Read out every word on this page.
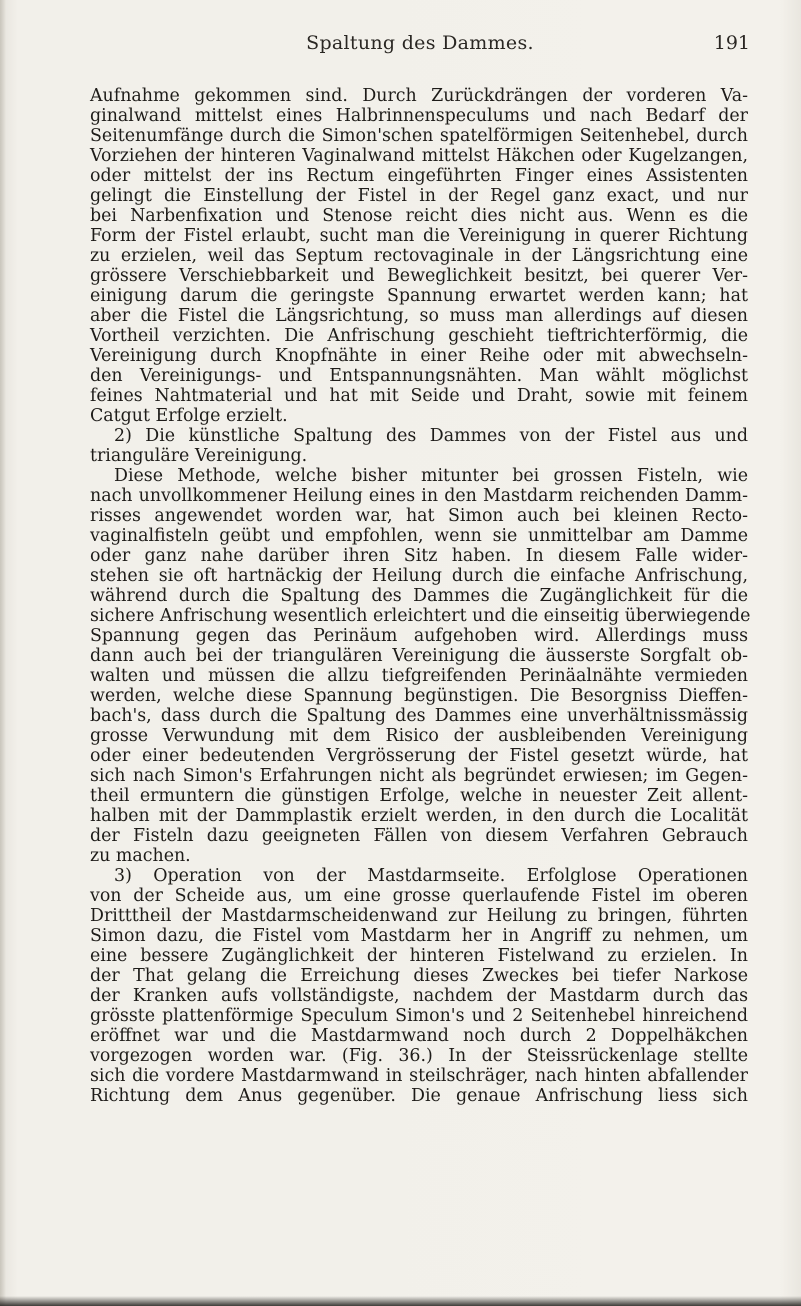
Spaltung des Dammes.	191
Aufnahme gekommen sind. Durch Zurückdrängen der vorderen Va-
ginalwand mittelst eines Halbrinnenspeculums und nach Bedarf der
Seitenumfänge durch die Simon'schen spatelförmigen Seitenhebel, durch
Vorziehen der hinteren Vaginalwand mittelst Häkchen oder Kugelzangen,
oder mittelst der ins Rectum eingeführten Finger eines Assistenten
gelingt die Einstellung der Fistel in der Regel ganz exact, und nur
bei Narbenfixation und Stenose reicht dies nicht aus. Wenn es die
Form der Fistel erlaubt, sucht man die Vereinigung in querer Richtung
zu erzielen, weil das Septum rectovaginale in der Längsrichtung eine
grössere Verschiebbarkeit und Beweglichkeit besitzt, bei querer Ver-
einigung darum die geringste Spannung erwartet werden kann; hat
aber die Fistel die Längsrichtung, so muss man allerdings auf diesen
Vortheil verzichten. Die Anfrischung geschieht tieftrichterförmig, die
Vereinigung durch Knopfnähte in einer Reihe oder mit abwechseln-
den Vereinigungs- und Entspannungsnähten. Man wählt möglichst
feines Nahtmaterial und hat mit Seide und Draht, sowie mit feinem
Catgut Erfolge erzielt.
2) Die künstliche Spaltung des Dammes von der Fistel aus und
trianguläre Vereinigung.
Diese Methode, welche bisher mitunter bei grossen Fisteln, wie
nach unvollkommener Heilung eines in den Mastdarm reichenden Damm-
risses angewendet worden war, hat Simon auch bei kleinen Recto-
vaginalfisteln geübt und empfohlen, wenn sie unmittelbar am Damme
oder ganz nahe darüber ihren Sitz haben. In diesem Falle wider-
stehen sie oft hartnäckig der Heilung durch die einfache Anfrischung,
während durch die Spaltung des Dammes die Zugänglichkeit für die
sichere Anfrischung wesentlich erleichtert und die einseitig überwiegende
Spannung gegen das Perinäum aufgehoben wird. Allerdings muss
dann auch bei der triangulären Vereinigung die äusserste Sorgfalt ob-
walten und müssen die allzu tiefgreifenden Perinäalnähte vermieden
werden, welche diese Spannung begünstigen. Die Besorgniss Dieffen-
bach's, dass durch die Spaltung des Dammes eine unverhältnissmässig
grosse Verwundung mit dem Risico der ausbleibenden Vereinigung
oder einer bedeutenden Vergrösserung der Fistel gesetzt würde, hat
sich nach Simon's Erfahrungen nicht als begründet erwiesen; im Gegen-
theil ermuntern die günstigen Erfolge, welche in neuester Zeit allent-
halben mit der Dammplastik erzielt werden, in den durch die Localität
der Fisteln dazu geeigneten Fällen von diesem Verfahren Gebrauch
zu machen.
3) Operation von der Mastdarmseite. Erfolglose Operationen
von der Scheide aus, um eine grosse querlaufende Fistel im oberen
Dritttheil der Mastdarmscheidenwand zur Heilung zu bringen, führten
Simon dazu, die Fistel vom Mastdarm her in Angriff zu nehmen, um
eine bessere Zugänglichkeit der hinteren Fistelwand zu erzielen. In
der That gelang die Erreichung dieses Zweckes bei tiefer Narkose
der Kranken aufs vollständigste, nachdem der Mastdarm durch das
grösste plattenförmige Speculum Simon's und 2 Seitenhebel hinreichend
eröffnet war und die Mastdarmwand noch durch 2 Doppelhäkchen
vorgezogen worden war. (Fig. 36.) In der Steissrückenlage stellte
sich die vordere Mastdarmwand in steilschräger, nach hinten abfallender
Richtung dem Anus gegenüber. Die genaue Anfrischung liess sich
